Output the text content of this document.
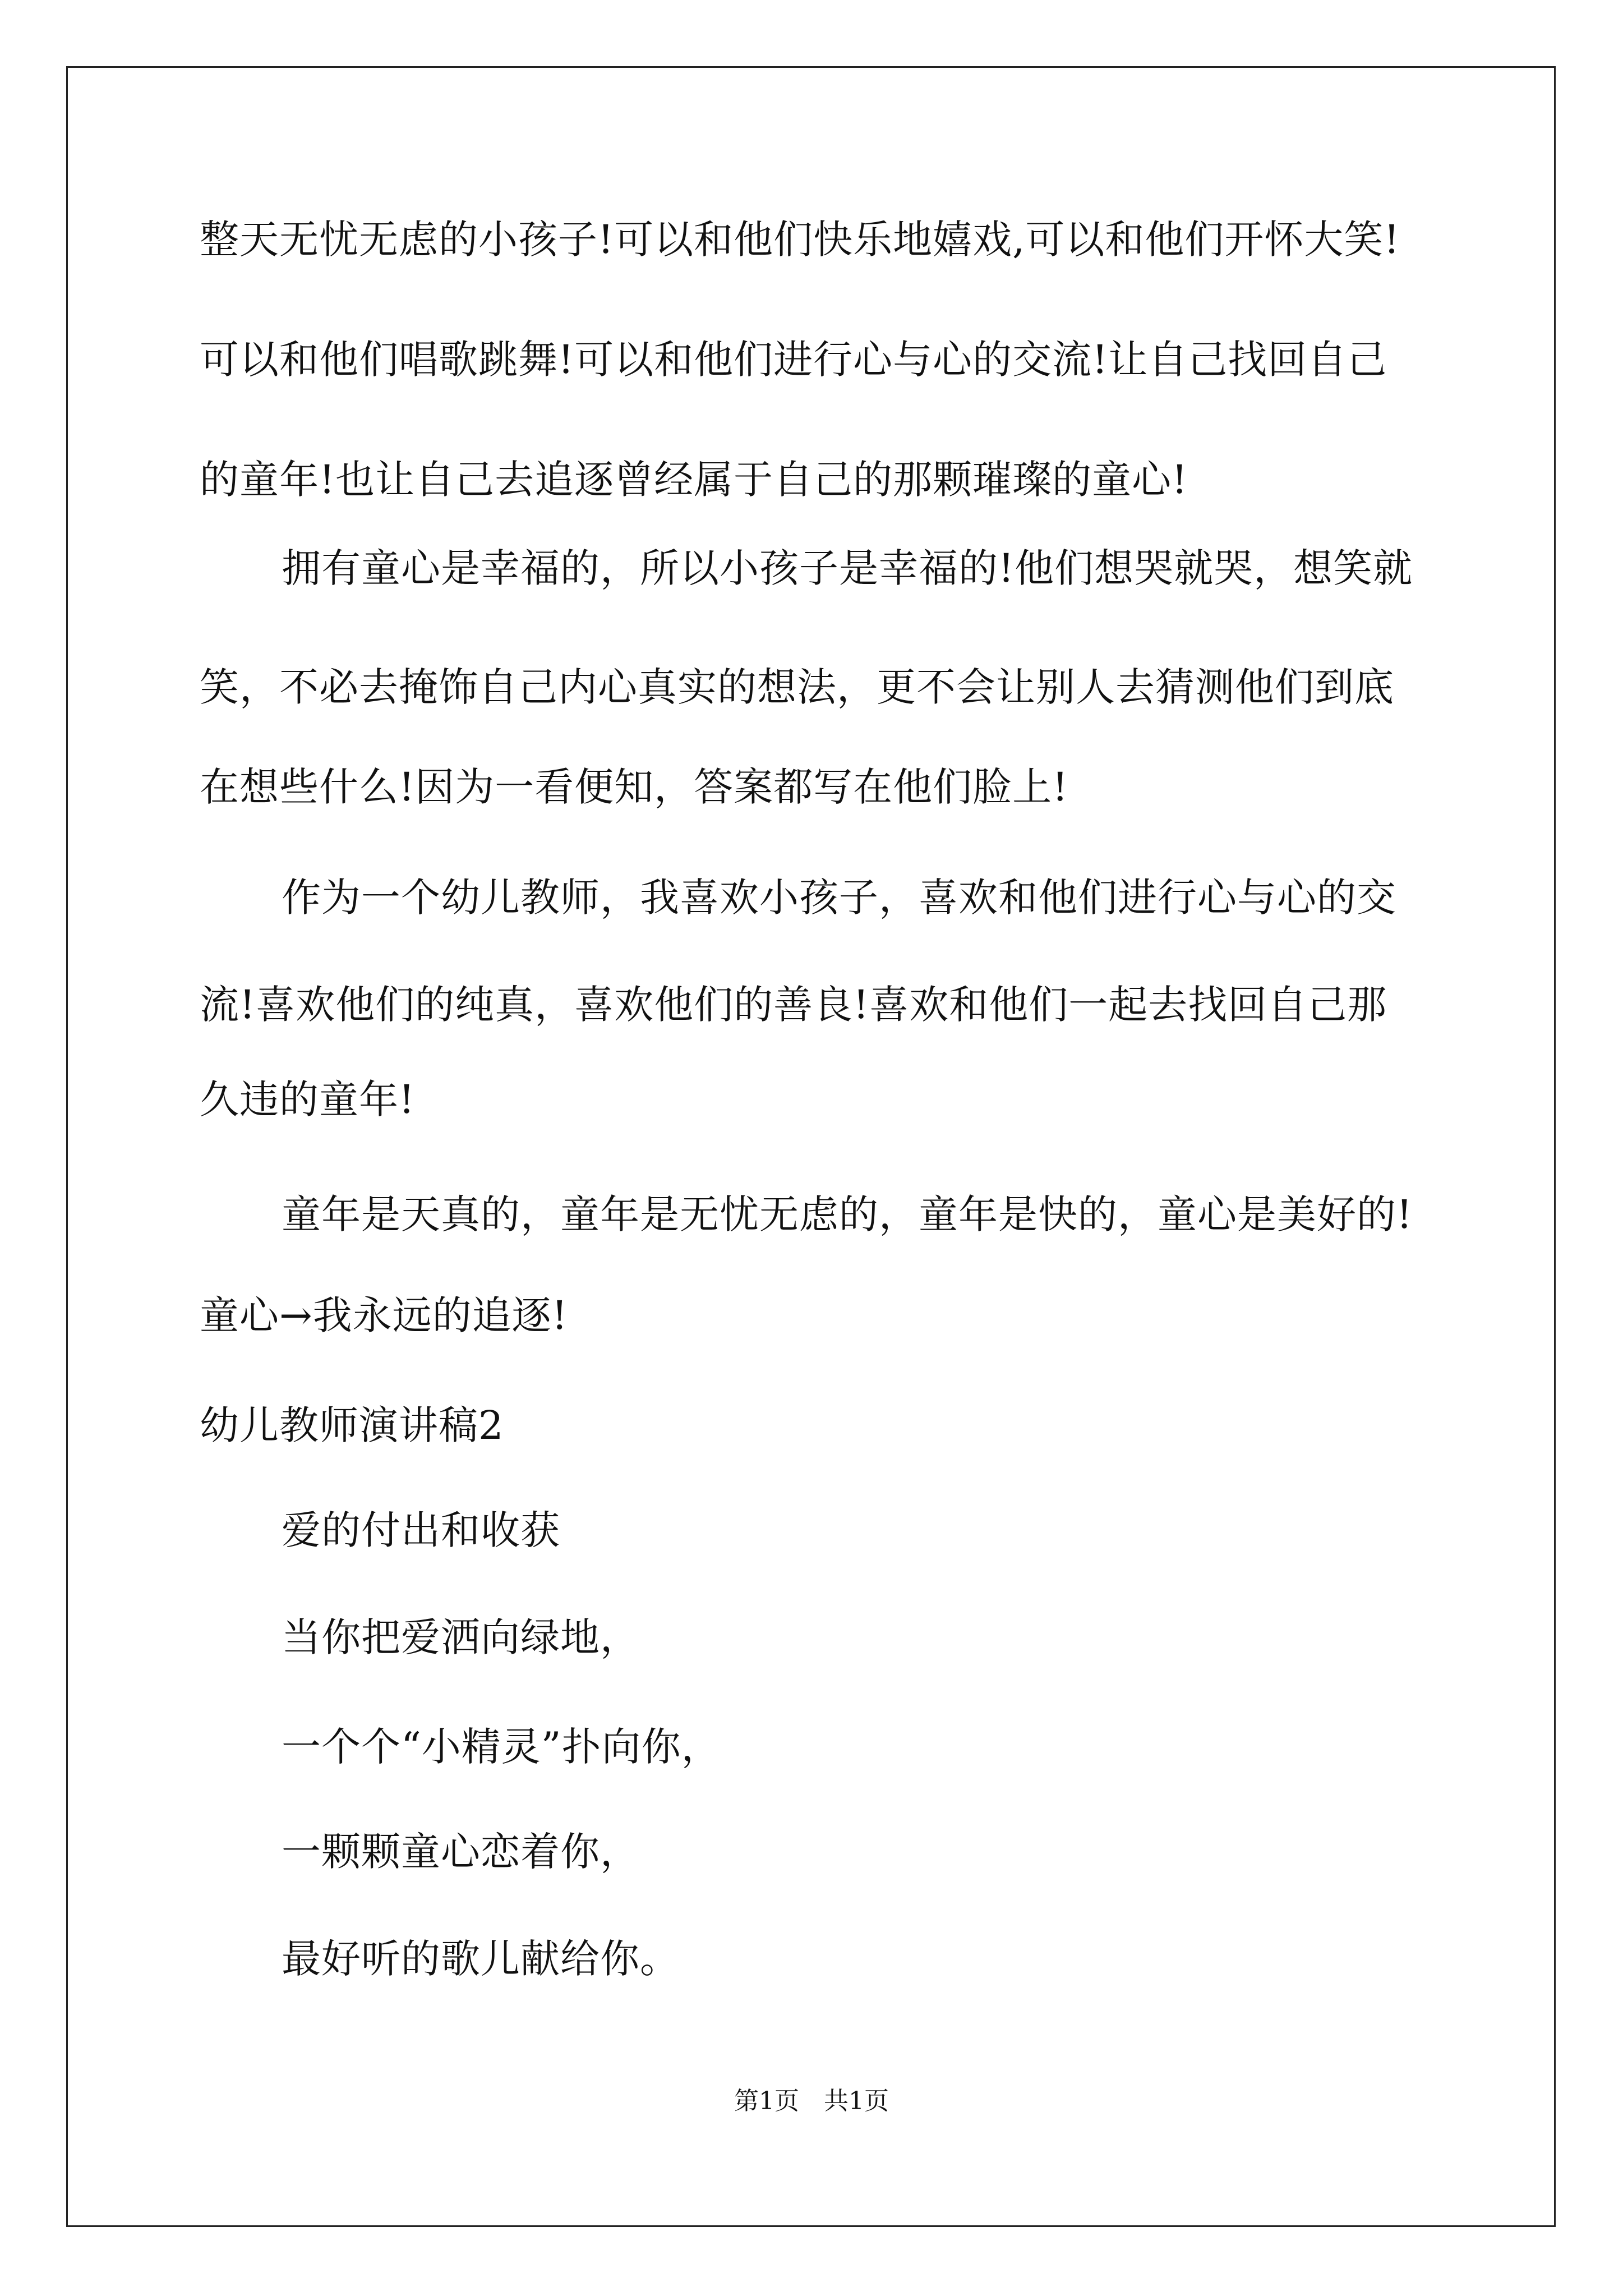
整天无忧无虑的小孩子!可以和他们快乐地嬉戏,可以和他们开怀大笑!
可以和他们唱歌跳舞!可以和他们进行心与心的交流!让自己找回自己
的童年!也让自己去追逐曾经属于自己的那颗璀璨的童心!
拥有童心是幸福的，所以小孩子是幸福的!他们想哭就哭，想笑就
笑，不必去掩饰自己内心真实的想法，更不会让别人去猜测他们到底
在想些什么!因为一看便知，答案都写在他们脸上!
作为一个幼儿教师，我喜欢小孩子，喜欢和他们进行心与心的交
流!喜欢他们的纯真，喜欢他们的善良!喜欢和他们一起去找回自己那
久违的童年!
童年是天真的，童年是无忧无虑的，童年是快的，童心是美好的!
童心→我永远的追逐!
幼儿教师演讲稿2
爱的付出和收获
当你把爱洒向绿地，
一个个“小精灵”扑向你，
一颗颗童心恋着你，
最好听的歌儿献给你。
第1页　共1页
